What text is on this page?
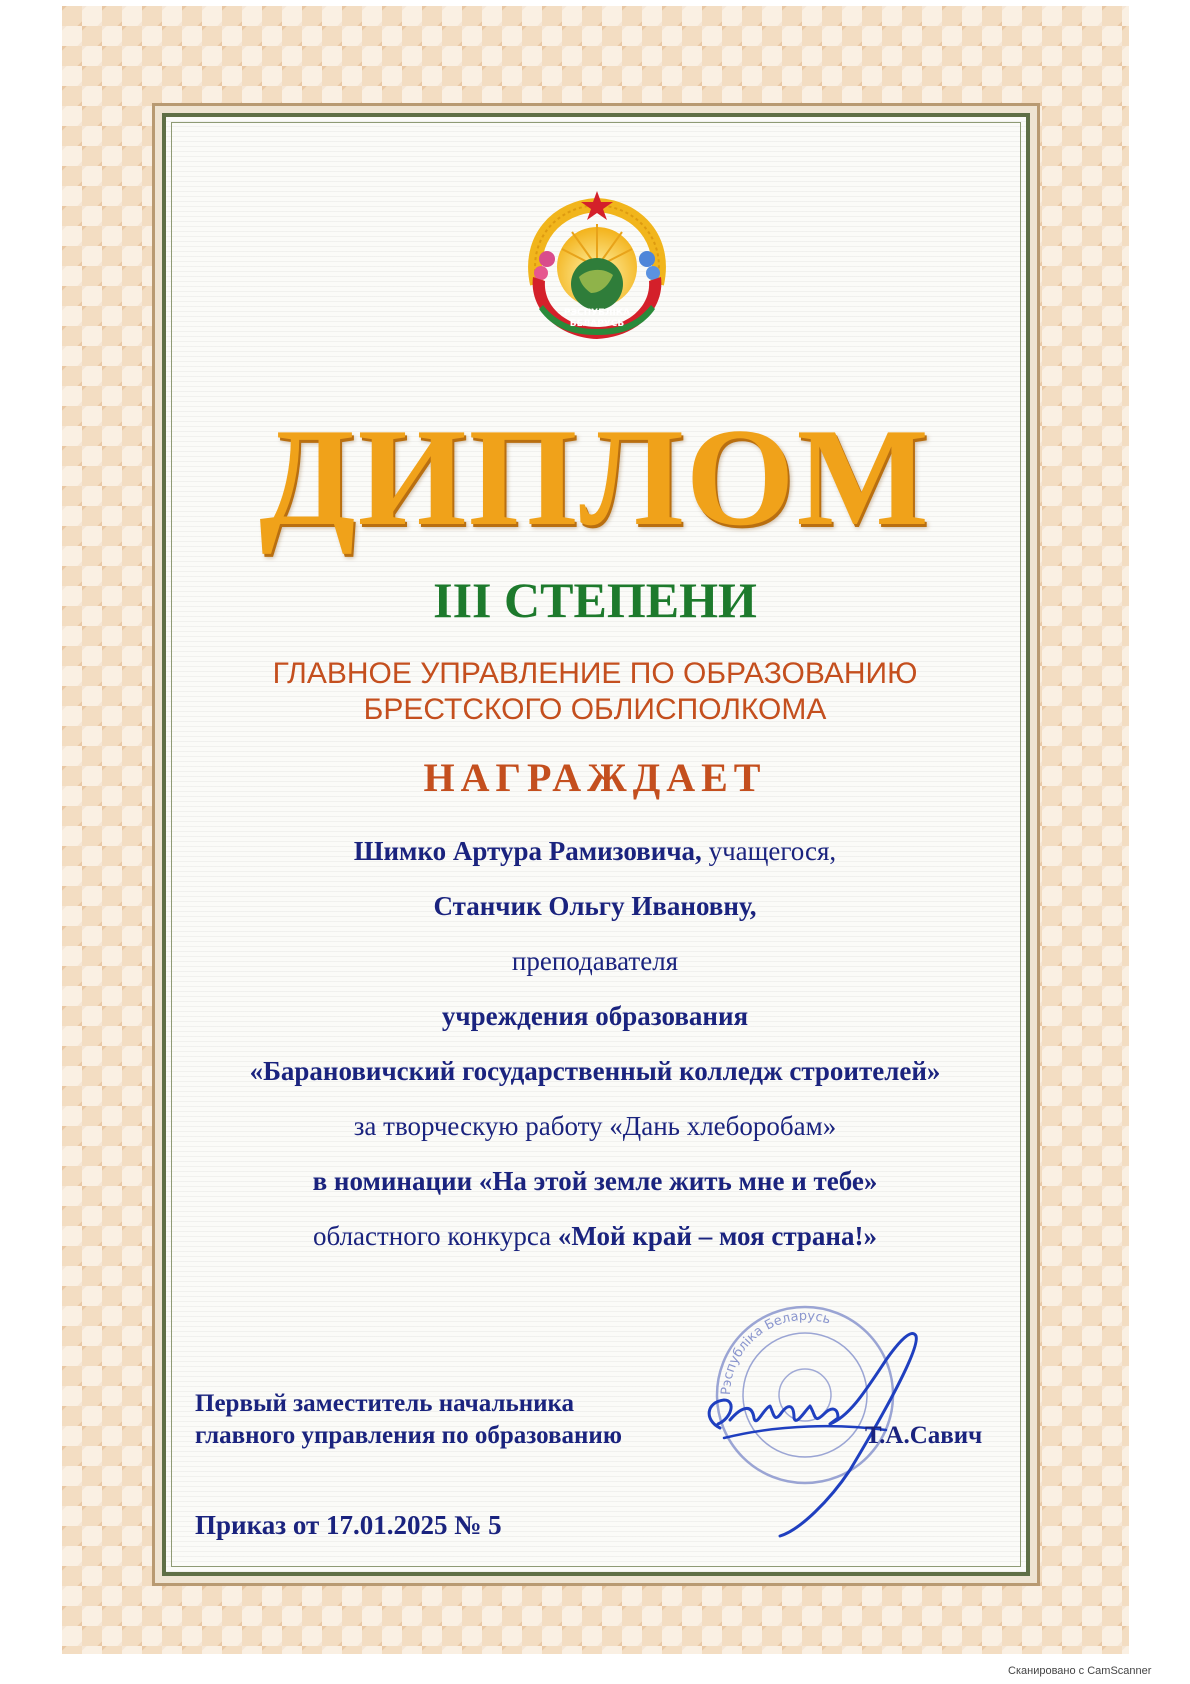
РЭСПУБЛІКА
БЕЛАРУСЬ
ДИПЛОМ
III СТЕПЕНИ
ГЛАВНОЕ УПРАВЛЕНИЕ ПО ОБРАЗОВАНИЮ
БРЕСТСКОГО ОБЛИСПОЛКОМА
НАГРАЖДАЕТ
Шимко Артура Рамизовича, учащегося,
Станчик Ольгу Ивановну,
преподавателя
учреждения образования
«Барановичский государственный колледж строителей»
за творческую работу «Дань хлеборобам»
в номинации «На этой земле жить мне и тебе»
областного конкурса «Мой край – моя страна!»
Рэспубліка Беларусь
Первый заместитель начальника
главного управления по образованию	Т.А.Савич
Приказ от 17.01.2025 № 5
Сканировано с CamScanner
